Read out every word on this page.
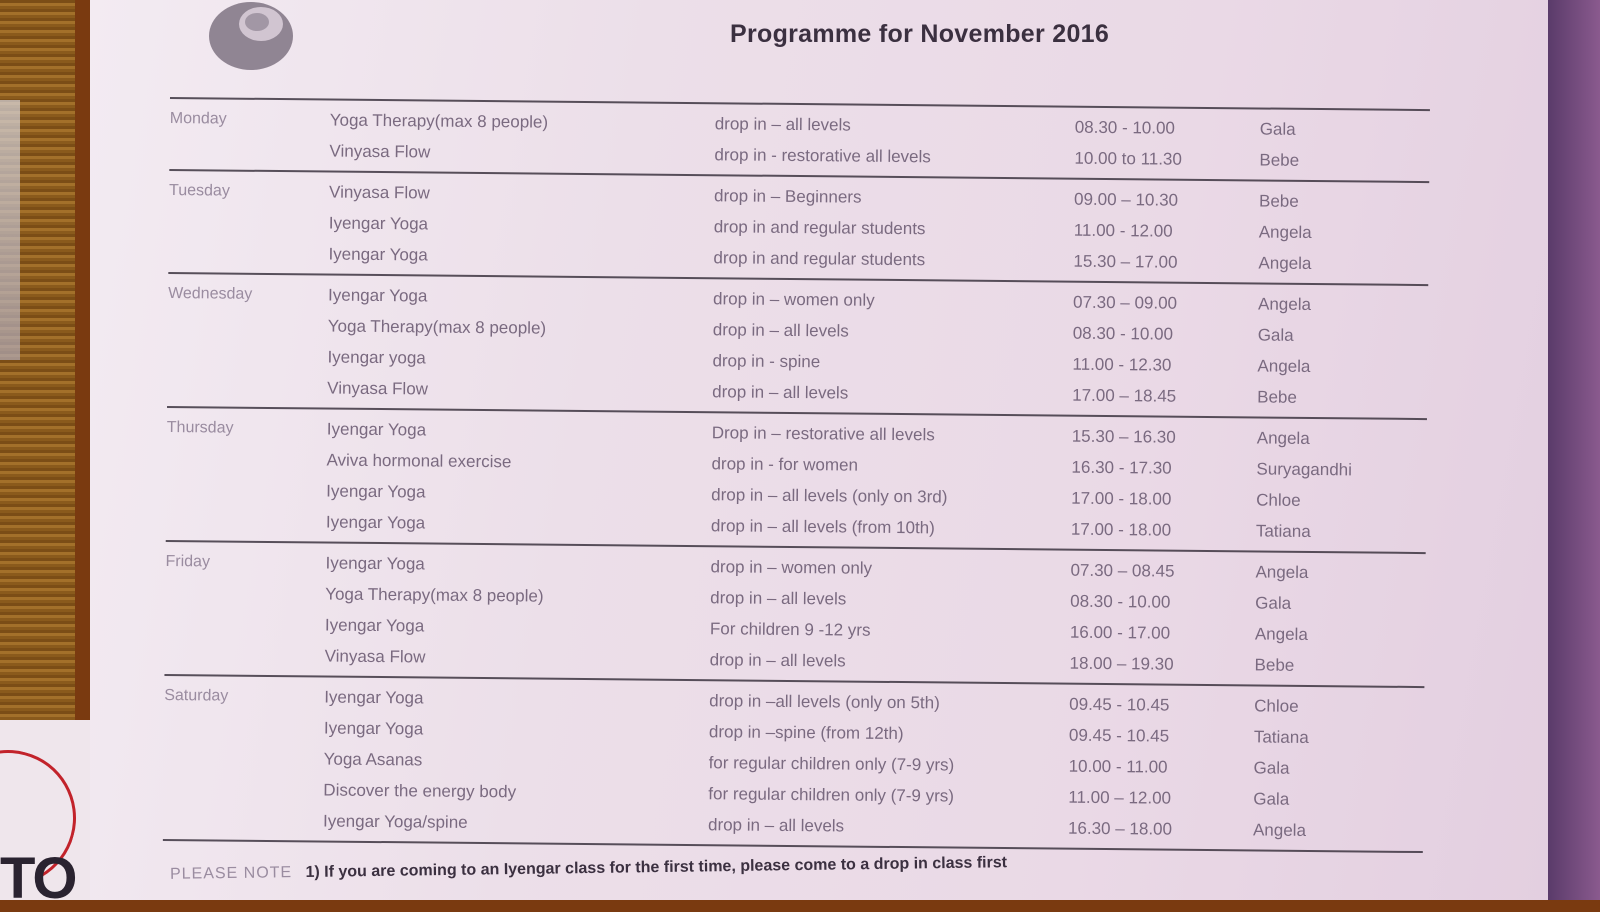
TO
Programme for November 2016
Monday	Yoga Therapy(max 8 people)	drop in – all levels	08.30 - 10.00	Gala
Vinyasa Flow	drop in - restorative all levels	10.00 to 11.30	Bebe
Tuesday	Vinyasa Flow	drop in – Beginners	09.00 – 10.30	Bebe
Iyengar Yoga	drop in and regular students	11.00 - 12.00	Angela
Iyengar Yoga	drop in and regular students	15.30 – 17.00	Angela
Wednesday	Iyengar Yoga	drop in – women only	07.30 – 09.00	Angela
Yoga Therapy(max 8 people)	drop in – all levels	08.30 - 10.00	Gala
Iyengar yoga	drop in - spine	11.00 - 12.30	Angela
Vinyasa Flow	drop in – all levels	17.00 – 18.45	Bebe
Thursday	Iyengar Yoga	Drop in – restorative all levels	15.30 – 16.30	Angela
Aviva hormonal exercise	drop in - for women	16.30 - 17.30	Suryagandhi
Iyengar Yoga	drop in – all levels (only on 3rd)	17.00 - 18.00	Chloe
Iyengar Yoga	drop in – all levels (from 10th)	17.00 - 18.00	Tatiana
Friday	Iyengar Yoga	drop in – women only	07.30 – 08.45	Angela
Yoga Therapy(max 8 people)	drop in – all levels	08.30 - 10.00	Gala
Iyengar Yoga	For children 9 -12 yrs	16.00 - 17.00	Angela
Vinyasa Flow	drop in – all levels	18.00 – 19.30	Bebe
Saturday	Iyengar Yoga	drop in –all levels (only on 5th)	09.45 - 10.45	Chloe
Iyengar Yoga	drop in –spine (from 12th)	09.45 - 10.45	Tatiana
Yoga Asanas	for regular children only (7-9 yrs)	10.00 - 11.00	Gala
Discover the energy body	for regular children only (7-9 yrs)	11.00 – 12.00	Gala
Iyengar Yoga/spine	drop in – all levels	16.30 – 18.00	Angela
PLEASE NOTE 1) If you are coming to an Iyengar class for the first time, please come to a drop in class first
